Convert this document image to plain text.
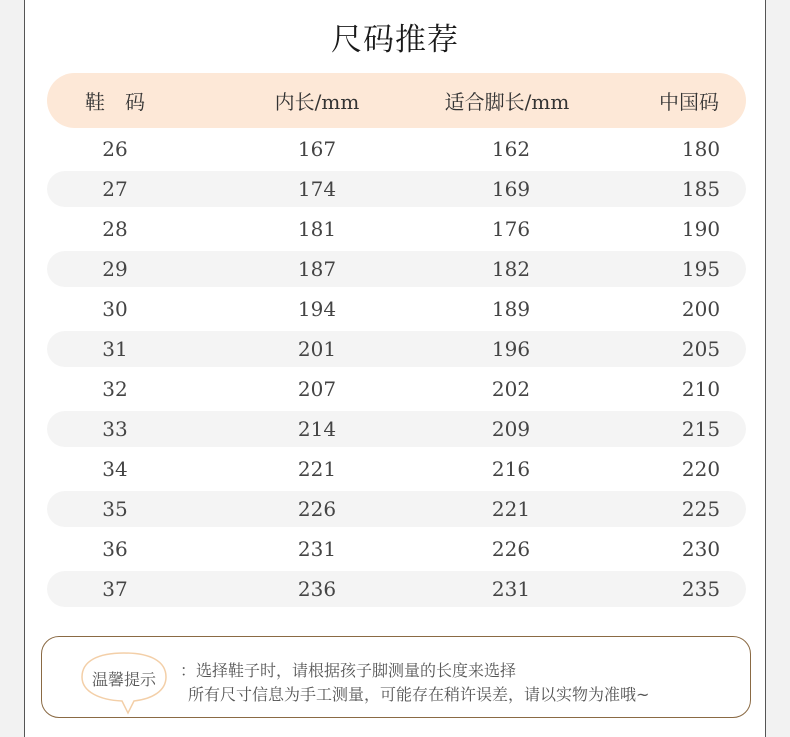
尺码推荐
鞋　码	内长/mm	适合脚长/mm	中国码
26	167	162	180
27	174	169	185
28	181	176	190
29	187	182	195
30	194	189	200
31	201	196	205
32	207	202	210
33	214	209	215
34	221	216	220
35	226	221	225
36	231	226	230
37	236	231	235
温馨提示	：选择鞋子时，请根据孩子脚测量的长度来选择
所有尺寸信息为手工测量，可能存在稍许误差，请以实物为准哦~
